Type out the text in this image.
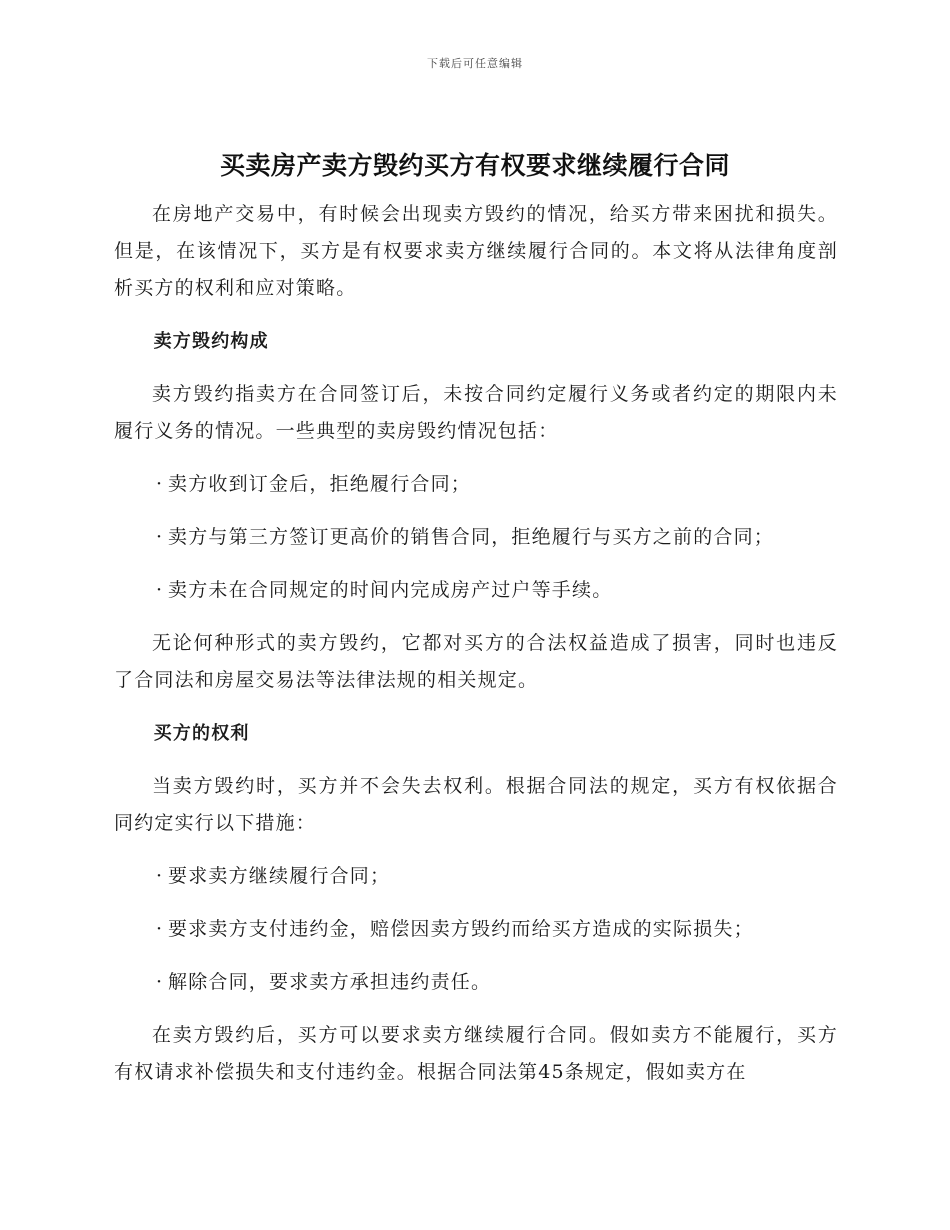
下载后可任意编辑
买卖房产卖方毁约买方有权要求继续履行合同

在房地产交易中，有时候会出现卖方毁约的情况，给买方带来困扰和损失。但是，在该情况下，买方是有权要求卖方继续履行合同的。本文将从法律角度剖析买方的权利和应对策略。

卖方毁约构成

卖方毁约指卖方在合同签订后，未按合同约定履行义务或者约定的期限内未履行义务的情况。一些典型的卖房毁约情况包括：

· 卖方收到订金后，拒绝履行合同；
· 卖方与第三方签订更高价的销售合同，拒绝履行与买方之前的合同；
· 卖方未在合同规定的时间内完成房产过户等手续。

无论何种形式的卖方毁约，它都对买方的合法权益造成了损害，同时也违反了合同法和房屋交易法等法律法规的相关规定。

买方的权利

当卖方毁约时，买方并不会失去权利。根据合同法的规定，买方有权依据合同约定实行以下措施：

· 要求卖方继续履行合同；
· 要求卖方支付违约金，赔偿因卖方毁约而给买方造成的实际损失；
· 解除合同，要求卖方承担违约责任。

在卖方毁约后，买方可以要求卖方继续履行合同。假如卖方不能履行，买方有权请求补偿损失和支付违约金。根据合同法第45条规定，假如卖方在
